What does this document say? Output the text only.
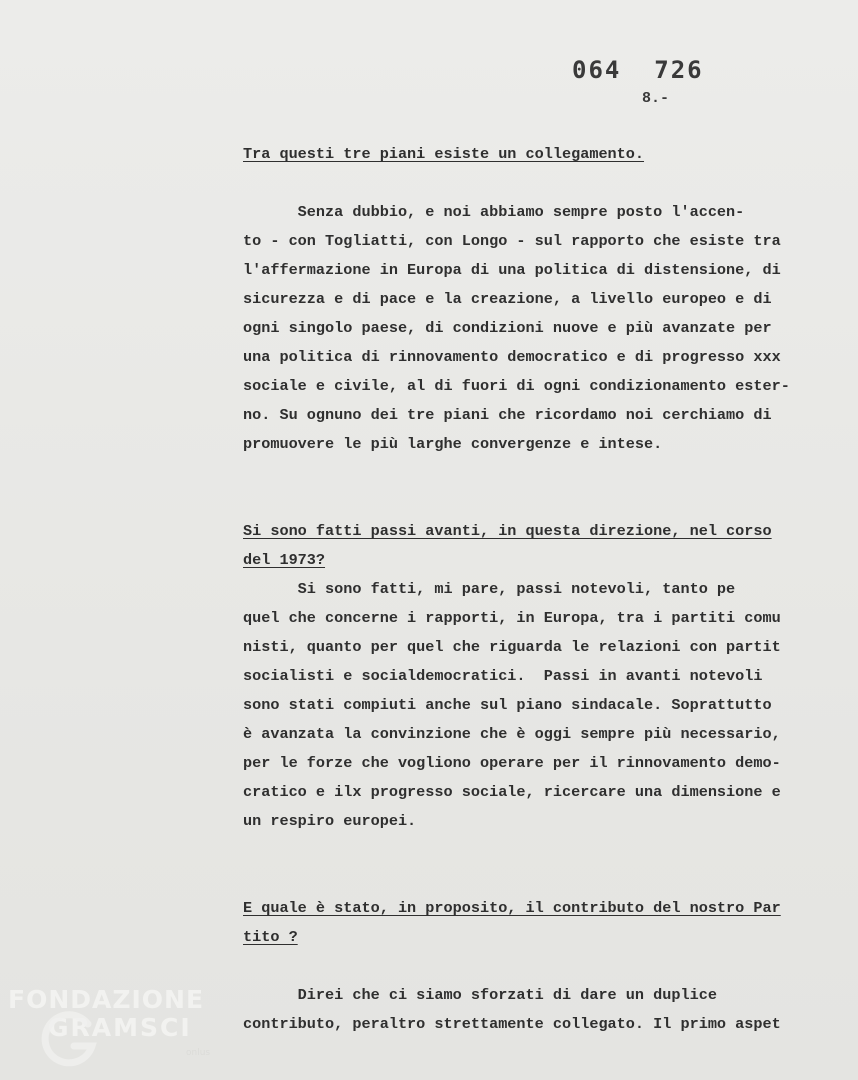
064  726
8.-
Tra questi tre piani esiste un collegamento.
Senza dubbio, e noi abbiamo sempre posto l'accen-
to - con Togliatti, con Longo - sul rapporto che esiste tra
l'affermazione in Europa di una politica di distensione, di
sicurezza e di pace e la creazione, a livello europeo e di
ogni singolo paese, di condizioni nuove e più avanzate per
una politica di rinnovamento democratico e di progresso xxx
sociale e civile, al di fuori di ogni condizionamento ester-
no. Su ognuno dei tre piani che ricordamo noi cerchiamo di
promuovere le più larghe convergenze e intese.
Si sono fatti passi avanti, in questa direzione, nel corso
del 1973?
Si sono fatti, mi pare, passi notevoli, tanto pe
quel che concerne i rapporti, in Europa, tra i partiti comu
nisti, quanto per quel che riguarda le relazioni con partit
socialisti e socialdemocratici.  Passi in avanti notevoli
sono stati compiuti anche sul piano sindacale. Soprattutto
è avanzata la convinzione che è oggi sempre più necessario,
per le forze che vogliono operare per il rinnovamento demo-
cratico e ilx progresso sociale, ricercare una dimensione e
un respiro europei.
E quale è stato, in proposito, il contributo del nostro Par
tito ?
Direi che ci siamo sforzati di dare un duplice
contributo, peraltro strettamente collegato. Il primo aspet
FONDAZIONE
GRAMSCI
onlus
